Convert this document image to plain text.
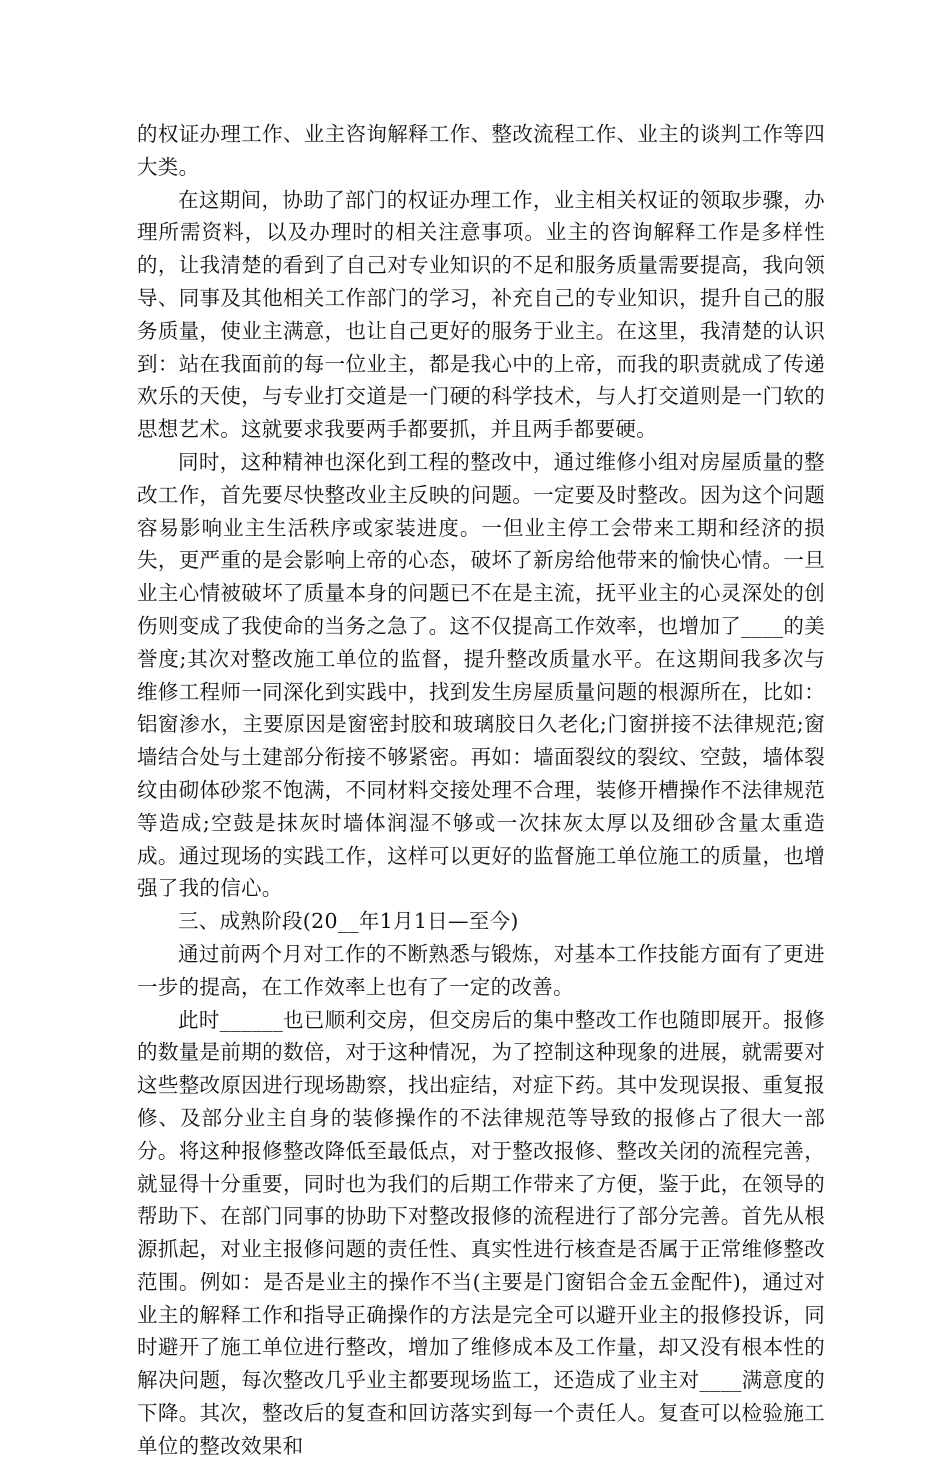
的权证办理工作、业主咨询解释工作、整改流程工作、业主的谈判工作等四大类。

在这期间，协助了部门的权证办理工作，业主相关权证的领取步骤，办理所需资料，以及办理时的相关注意事项。业主的咨询解释工作是多样性的，让我清楚的看到了自己对专业知识的不足和服务质量需要提高，我向领导、同事及其他相关工作部门的学习，补充自己的专业知识，提升自己的服务质量，使业主满意，也让自己更好的服务于业主。在这里，我清楚的认识到：站在我面前的每一位业主，都是我心中的上帝，而我的职责就成了传递欢乐的天使，与专业打交道是一门硬的科学技术，与人打交道则是一门软的思想艺术。这就要求我要两手都要抓，并且两手都要硬。

同时，这种精神也深化到工程的整改中，通过维修小组对房屋质量的整改工作，首先要尽快整改业主反映的问题。一定要及时整改。因为这个问题容易影响业主生活秩序或家装进度。一但业主停工会带来工期和经济的损失，更严重的是会影响上帝的心态，破坏了新房给他带来的愉快心情。一旦业主心情被破坏了质量本身的问题已不在是主流，抚平业主的心灵深处的创伤则变成了我使命的当务之急了。这不仅提高工作效率，也增加了____的美誉度;其次对整改施工单位的监督，提升整改质量水平。在这期间我多次与维修工程师一同深化到实践中，找到发生房屋质量问题的根源所在，比如：铝窗渗水，主要原因是窗密封胶和玻璃胶日久老化;门窗拼接不法律规范;窗墙结合处与土建部分衔接不够紧密。再如：墙面裂纹的裂纹、空鼓，墙体裂纹由砌体砂浆不饱满，不同材料交接处理不合理，装修开槽操作不法律规范等造成;空鼓是抹灰时墙体润湿不够或一次抹灰太厚以及细砂含量太重造成。通过现场的实践工作，这样可以更好的监督施工单位施工的质量，也增强了我的信心。

三、成熟阶段(20__年1月1日—至今)

通过前两个月对工作的不断熟悉与锻炼，对基本工作技能方面有了更进一步的提高，在工作效率上也有了一定的改善。

此时______也已顺利交房，但交房后的集中整改工作也随即展开。报修的数量是前期的数倍，对于这种情况，为了控制这种现象的进展，就需要对这些整改原因进行现场勘察，找出症结，对症下药。其中发现误报、重复报修、及部分业主自身的装修操作的不法律规范等导致的报修占了很大一部分。将这种报修整改降低至最低点，对于整改报修、整改关闭的流程完善，就显得十分重要，同时也为我们的后期工作带来了方便，鉴于此，在领导的帮助下、在部门同事的协助下对整改报修的流程进行了部分完善。首先从根源抓起，对业主报修问题的责任性、真实性进行核查是否属于正常维修整改范围。例如：是否是业主的操作不当(主要是门窗铝合金五金配件)，通过对业主的解释工作和指导正确操作的方法是完全可以避开业主的报修投诉，同时避开了施工单位进行整改，增加了维修成本及工作量，却又没有根本性的解决问题，每次整改几乎业主都要现场监工，还造成了业主对____满意度的下降。其次，整改后的复查和回访落实到每一个责任人。复查可以检验施工单位的整改效果和
